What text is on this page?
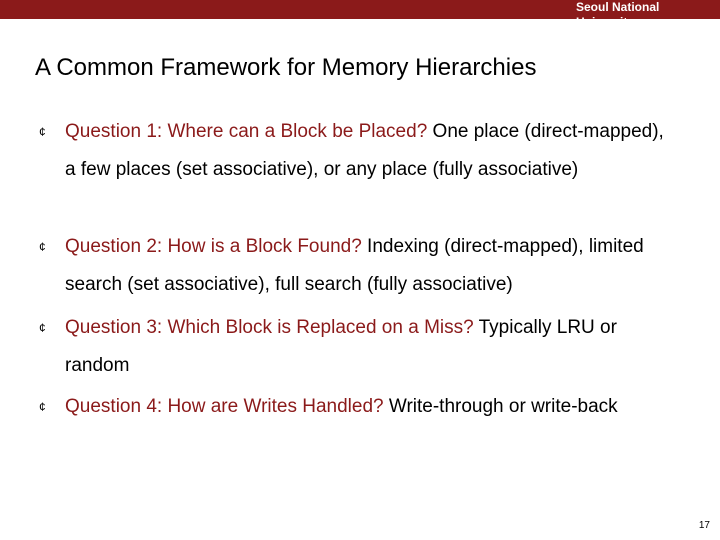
Seoul National University
A Common Framework for Memory Hierarchies
¢ Question 1: Where can a Block be Placed? One place (direct-mapped), a few places (set associative), or any place (fully associative)
¢ Question 2: How is a Block Found? Indexing (direct-mapped), limited search (set associative), full search (fully associative)
¢ Question 3: Which Block is Replaced on a Miss? Typically LRU or random
¢ Question 4: How are Writes Handled? Write-through or write-back
17
